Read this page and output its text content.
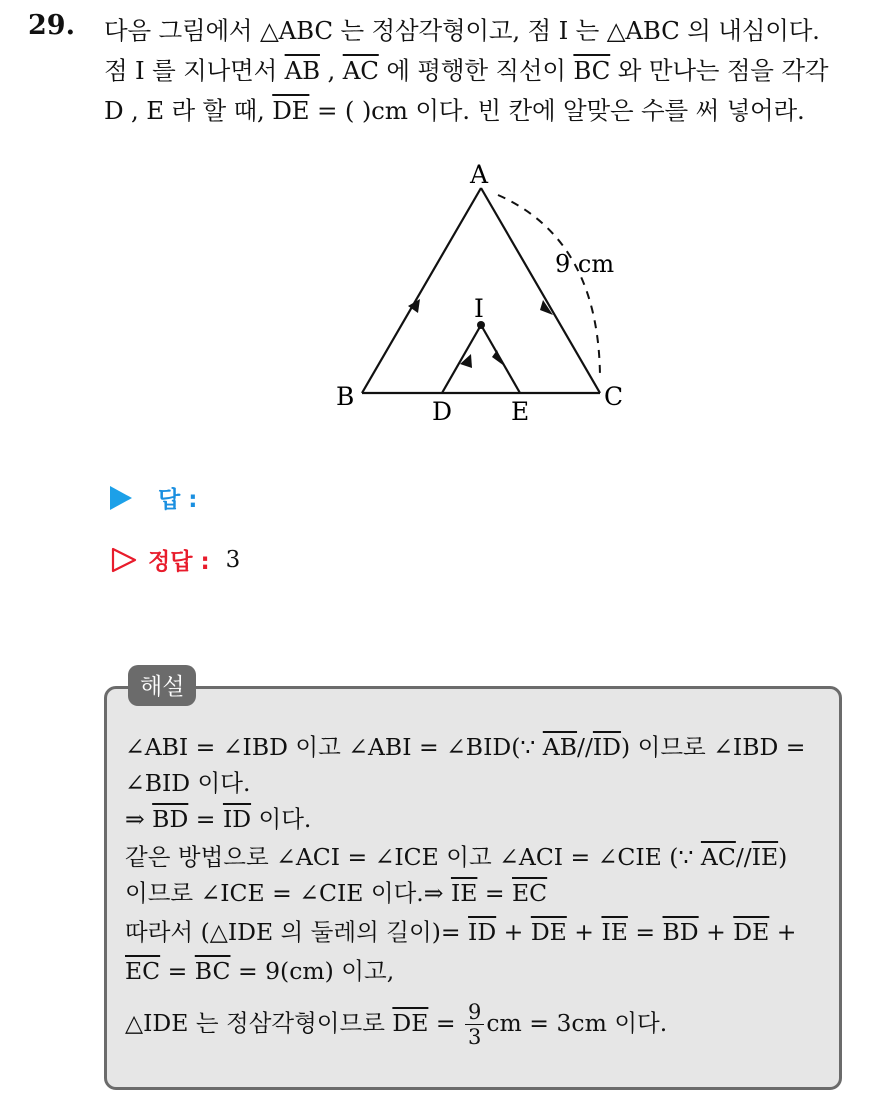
29. 다음 그림에서 △ABC 는 정삼각형이고, 점 I 는 △ABC 의 내심이다.
점 I 를 지나면서 $\overline{AB}$ , $\overline{AC}$ 에 평행한 직선이 $\overline{BC}$ 와 만나는 점을 각각
D , E 라 할 때, $\overline{DE}$ = ( )cm 이다. 빈 칸에 알맞은 수를 써 넣어라.
A
B	C
D E
I
9 cm
답 :
정답 : 3
해설
∠ABI = ∠IBD 이고 ∠ABI = ∠BID(∵ $\overline{AB}//\overline{ID}$) 이므로 ∠IBD =
∠BID 이다.
⇒ $\overline{BD} = \overline{ID}$ 이다.
같은 방법으로 ∠ACI = ∠ICE 이고 ∠ACI = ∠CIE (∵ $\overline{AC}//\overline{IE}$)
이므로 ∠ICE = ∠CIE 이다.⇒ $\overline{IE} = \overline{EC}$
따라서 (△IDE 의 둘레의 길이)= $\overline{ID} + \overline{DE} + \overline{IE} = \overline{BD} + \overline{DE}$ +
$\overline{EC} = \overline{BC} = 9(cm)$ 이고,
△IDE 는 정삼각형이므로 $\overline{DE} = \frac{9}{3}$ cm = 3cm 이다.
